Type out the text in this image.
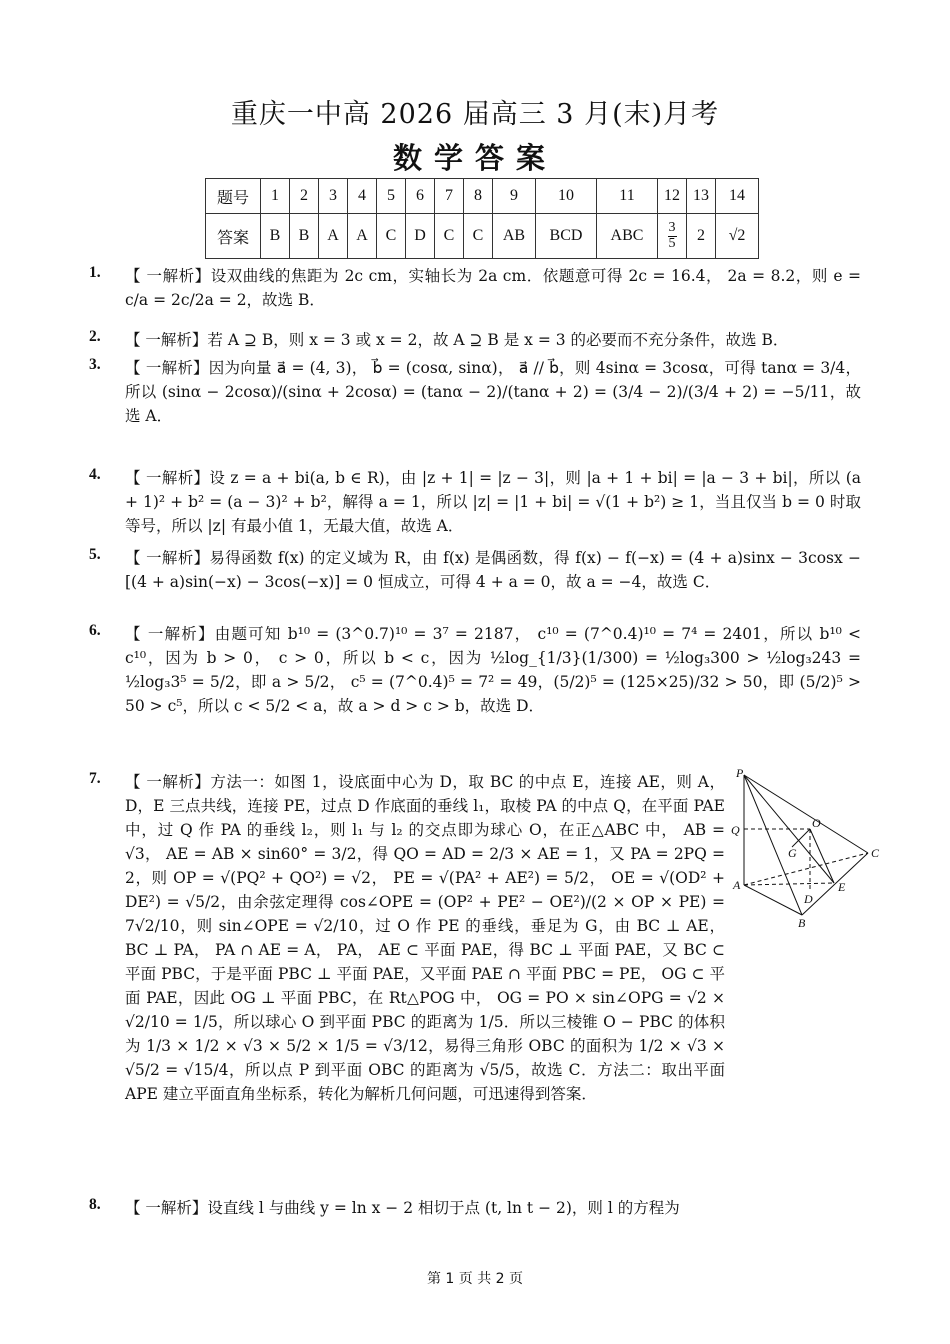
重庆一中高 2026 届高三 3 月(末)月考
数学答案
题号	1	2	3	4	5	6	7	8	9	10	11	12	13	14
答案	B	B	A	A	C	D	C	C	AB	BCD	ABC	$\frac{3}{5}$	2	√2
1. 【 一解析】设双曲线的焦距为 2c cm，实轴长为 2a cm．依题意可得 2c = 16.4， 2a = 8.2，则 e = c/a = 2c/2a = 2，故选 B．
2. 【 一解析】若 A ⊇ B，则 x = 3 或 x = 2，故 A ⊇ B 是 x = 3 的必要而不充分条件，故选 B．
3. 【 一解析】因为向量 a⃗ = (4, 3)， b⃗ = (cosα, sinα)， a⃗ // b⃗，则 4sinα = 3cosα，可得 tanα = 3/4，所以 (sinα − 2cosα)/(sinα + 2cosα) = (tanα − 2)/(tanα + 2) = (3/4 − 2)/(3/4 + 2) = −5/11，故选 A．
4. 【 一解析】设 z = a + bi(a, b ∈ R)，由 |z + 1| = |z − 3|，则 |a + 1 + bi| = |a − 3 + bi|，所以 (a + 1)² + b² = (a − 3)² + b²，解得 a = 1，所以 |z| = |1 + bi| = √(1 + b²) ≥ 1，当且仅当 b = 0 时取等号，所以 |z| 有最小值 1，无最大值，故选 A．
5. 【 一解析】易得函数 f(x) 的定义域为 R，由 f(x) 是偶函数，得 f(x) − f(−x) = (4 + a)sinx − 3cosx − [(4 + a)sin(−x) − 3cos(−x)] = 0 恒成立，可得 4 + a = 0，故 a = −4，故选 C．
6. 【 一解析】由题可知 b¹⁰ = (3^0.7)¹⁰ = 3⁷ = 2187， c¹⁰ = (7^0.4)¹⁰ = 7⁴ = 2401，所以 b¹⁰ < c¹⁰，因为 b > 0， c > 0，所以 b < c，因为 ½log_{1/3}(1/300) = ½log₃300 > ½log₃243 = ½log₃3⁵ = 5/2，即 a > 5/2， c⁵ = (7^0.4)⁵ = 7² = 49，(5/2)⁵ = (125×25)/32 > 50，即 (5/2)⁵ > 50 > c⁵，所以 c < 5/2 < a，故 a > d > c > b，故选 D．
7. 【 一解析】方法一：如图 1，设底面中心为 D，取 BC 的中点 E，连接 AE，则 A，D，E 三点共线，连接 PE，过点 D 作底面的垂线 l₁，取棱 PA 的中点 Q，在平面 PAE 中，过 Q 作 PA 的垂线 l₂，则 l₁ 与 l₂ 的交点即为球心 O，在正△ABC 中， AB = √3， AE = AB × sin60° = 3/2，得 QO = AD = 2/3 × AE = 1，又 PA = 2PQ = 2，则 OP = √(PQ² + QO²) = √2， PE = √(PA² + AE²) = 5/2， OE = √(OD² + DE²) = √5/2，由余弦定理得 cos∠OPE = (OP² + PE² − OE²)/(2 × OP × PE) = 7√2/10，则 sin∠OPE = √2/10，过 O 作 PE 的垂线，垂足为 G，由 BC ⊥ AE， BC ⊥ PA， PA ∩ AE = A， PA， AE ⊂ 平面 PAE，得 BC ⊥ 平面 PAE，又 BC ⊂ 平面 PBC，于是平面 PBC ⊥ 平面 PAE，又平面 PAE ∩ 平面 PBC = PE， OG ⊂ 平面 PAE，因此 OG ⊥ 平面 PBC，在 Rt△POG 中， OG = PO × sin∠OPG = √2 × √2/10 = 1/5，所以球心 O 到平面 PBC 的距离为 1/5．所以三棱锥 O − PBC 的体积为 1/3 × 1/2 × √3 × 5/2 × 1/5 = √3/12，易得三角形 OBC 的面积为 1/2 × √3 × √5/2 = √15/4，所以点 P 到平面 OBC 的距离为 √5/5，故选 C．方法二：取出平面 APE 建立平面直角坐标系，转化为解析几何问题，可迅速得到答案．
8. 【 一解析】设直线 l 与曲线 y = ln x − 2 相切于点 (t, ln t − 2)，则 l 的方程为
P
Q	O
G	C
A
D
E
B
第 1 页 共 2 页
